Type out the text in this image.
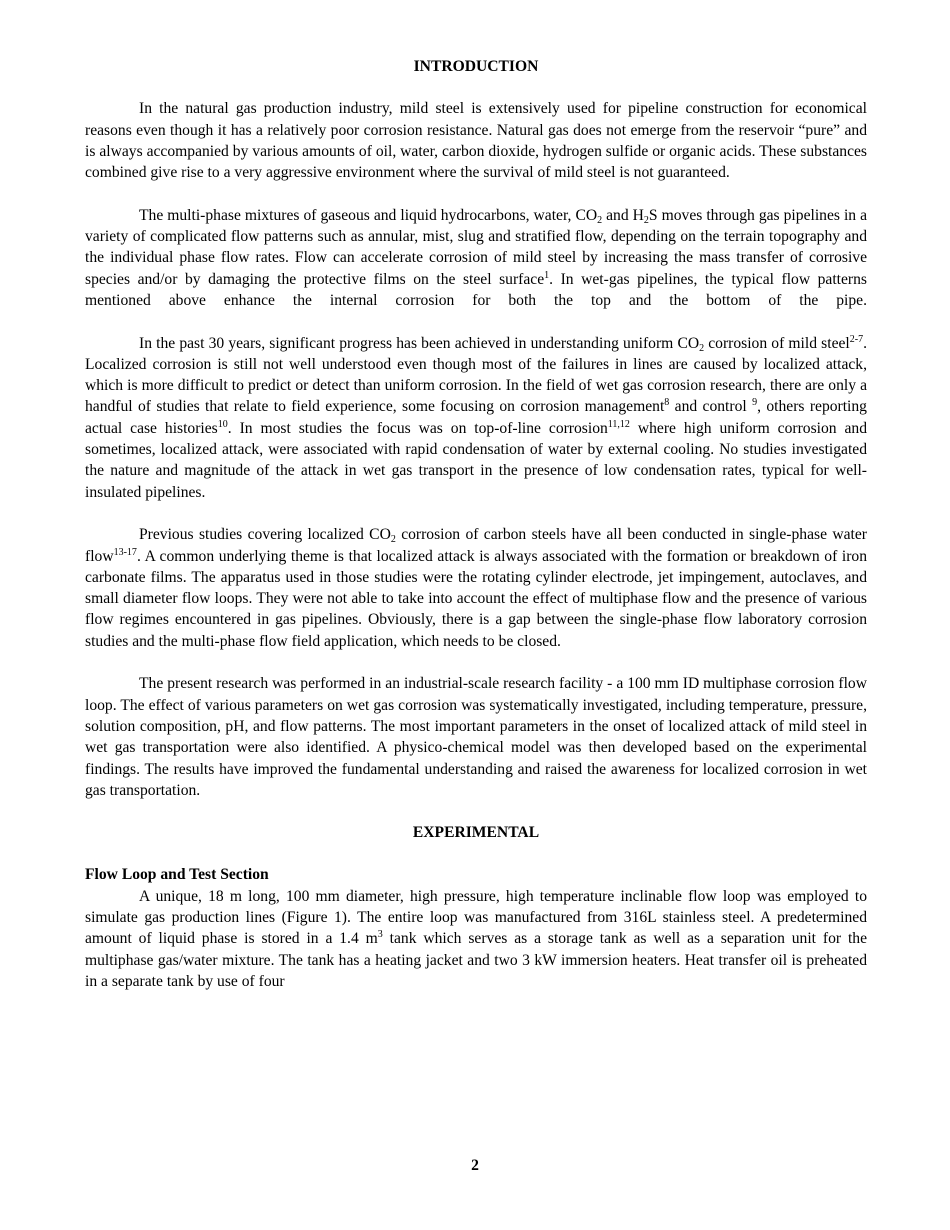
INTRODUCTION

In the natural gas production industry, mild steel is extensively used for pipeline construction for economical reasons even though it has a relatively poor corrosion resistance. Natural gas does not emerge from the reservoir “pure” and is always accompanied by various amounts of oil, water, carbon dioxide, hydrogen sulfide or organic acids. These substances combined give rise to a very aggressive environment where the survival of mild steel is not guaranteed.

The multi-phase mixtures of gaseous and liquid hydrocarbons, water, $CO_2$ and $H_2S$ moves through gas pipelines in a variety of complicated flow patterns such as annular, mist, slug and stratified flow, depending on the terrain topography and the individual phase flow rates. Flow can accelerate corrosion of mild steel by increasing the mass transfer of corrosive species and/or by damaging the protective films on the steel surface$^1$. In wet-gas pipelines, the typical flow patterns mentioned above enhance the internal corrosion for both the top and the bottom of the pipe.

In the past 30 years, significant progress has been achieved in understanding uniform $CO_2$ corrosion of mild steel$^{2-7}$. Localized corrosion is still not well understood even though most of the failures in lines are caused by localized attack, which is more difficult to predict or detect than uniform corrosion. In the field of wet gas corrosion research, there are only a handful of studies that relate to field experience, some focusing on corrosion management$^8$ and control $^9$, others reporting actual case histories$^{10}$. In most studies the focus was on top-of-line corrosion$^{11,12}$ where high uniform corrosion and sometimes, localized attack, were associated with rapid condensation of water by external cooling. No studies investigated the nature and magnitude of the attack in wet gas transport in the presence of low condensation rates, typical for well-insulated pipelines.

Previous studies covering localized $CO_2$ corrosion of carbon steels have all been conducted in single-phase water flow$^{13-17}$. A common underlying theme is that localized attack is always associated with the formation or breakdown of iron carbonate films. The apparatus used in those studies were the rotating cylinder electrode, jet impingement, autoclaves, and small diameter flow loops. They were not able to take into account the effect of multiphase flow and the presence of various flow regimes encountered in gas pipelines. Obviously, there is a gap between the single-phase flow laboratory corrosion studies and the multi-phase flow field application, which needs to be closed.

The present research was performed in an industrial-scale research facility - a 100 mm ID multiphase corrosion flow loop. The effect of various parameters on wet gas corrosion was systematically investigated, including temperature, pressure, solution composition, pH, and flow patterns. The most important parameters in the onset of localized attack of mild steel in wet gas transportation were also identified. A physico-chemical model was then developed based on the experimental findings. The results have improved the fundamental understanding and raised the awareness for localized corrosion in wet gas transportation.

EXPERIMENTAL
Flow Loop and Test Section

A unique, 18 m long, 100 mm diameter, high pressure, high temperature inclinable flow loop was employed to simulate gas production lines (Figure 1). The entire loop was manufactured from 316L stainless steel. A predetermined amount of liquid phase is stored in a 1.4 $m^3$ tank which serves as a storage tank as well as a separation unit for the multiphase gas/water mixture. The tank has a heating jacket and two 3 kW immersion heaters. Heat transfer oil is preheated in a separate tank by use of four

2
